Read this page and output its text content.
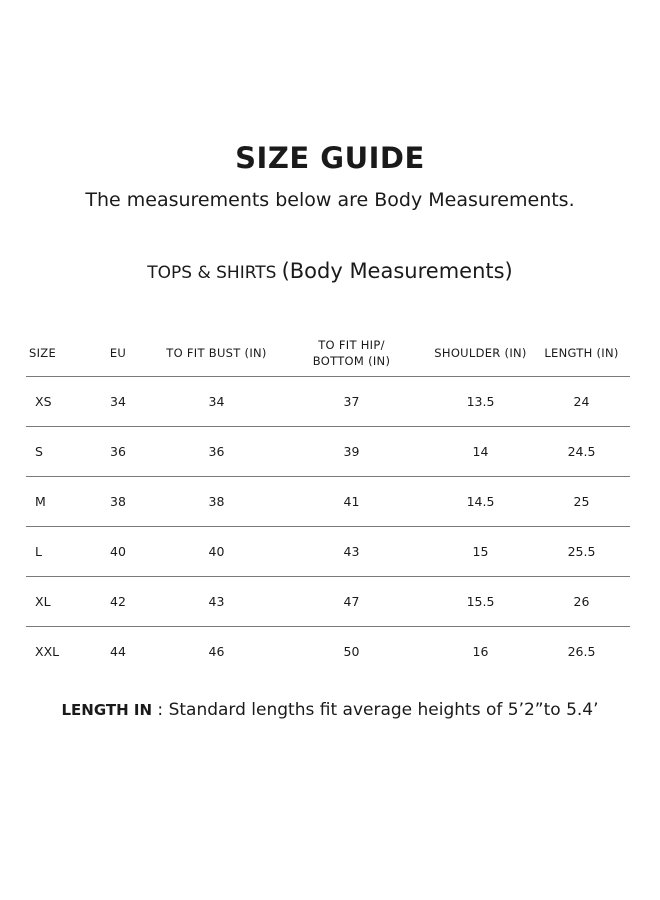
SIZE GUIDE
The measurements below are Body Measurements.
TOPS & SHIRTS (Body Measurements)
SIZE	EU	TO FIT BUST (IN)	TO FIT HIP/
BOTTOM (IN)	SHOULDER (IN)	LENGTH (IN)
XS	34	34	37	13.5	24
S	36	36	39	14	24.5
M	38	38	41	14.5	25
L	40	40	43	15	25.5
XL	42	43	47	15.5	26
XXL	44	46	50	16	26.5
LENGTH IN : Standard lengths fit average heights of 5’2”to 5.4’
